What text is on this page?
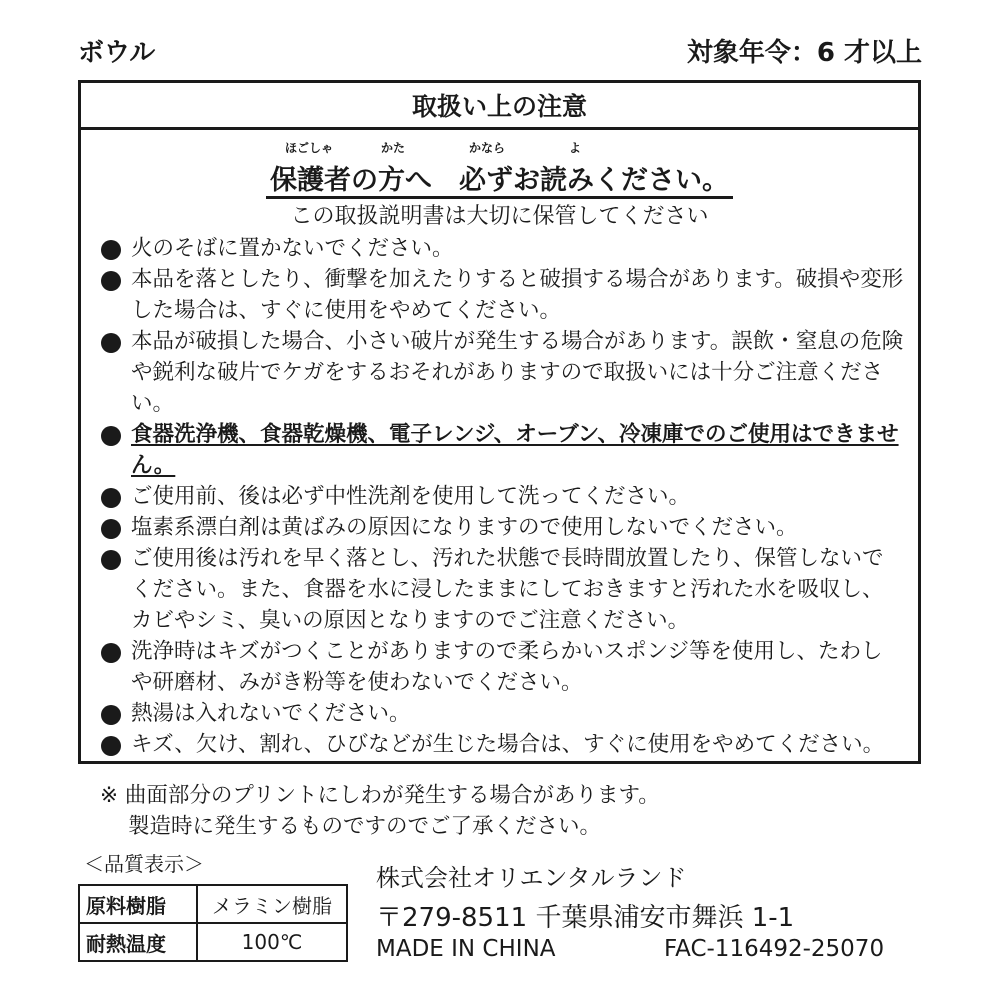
ボウル	対象年令：6 才以上
取扱い上の注意
ほごしゃ	かた	かなら	よ
保護者の方へ　必ずお読みください。
この取扱説明書は大切に保管してください
火のそばに置かないでください。
本品を落としたり、衝撃を加えたりすると破損する場合があります。破損や変形した場合は、すぐに使用をやめてください。
本品が破損した場合、小さい破片が発生する場合があります。誤飲・窒息の危険や鋭利な破片でケガをするおそれがありますので取扱いには十分ご注意ください。
食器洗浄機、食器乾燥機、電子レンジ、オーブン、冷凍庫でのご使用はできません。
ご使用前、後は必ず中性洗剤を使用して洗ってください。
塩素系漂白剤は黄ばみの原因になりますので使用しないでください。
ご使用後は汚れを早く落とし、汚れた状態で長時間放置したり、保管しないでください。また、食器を水に浸したままにしておきますと汚れた水を吸収し、カビやシミ、臭いの原因となりますのでご注意ください。
洗浄時はキズがつくことがありますので柔らかいスポンジ等を使用し、たわしや研磨材、みがき粉等を使わないでください。
熱湯は入れないでください。
キズ、欠け、割れ、ひびなどが生じた場合は、すぐに使用をやめてください。
※ 曲面部分のプリントにしわが発生する場合があります。
製造時に発生するものですのでご了承ください。
＜品質表示＞
原料樹脂	メラミン樹脂
耐熱温度	100℃
株式会社オリエンタルランド
〒279-8511 千葉県浦安市舞浜 1-1
MADE IN CHINA	FAC-116492-25070
